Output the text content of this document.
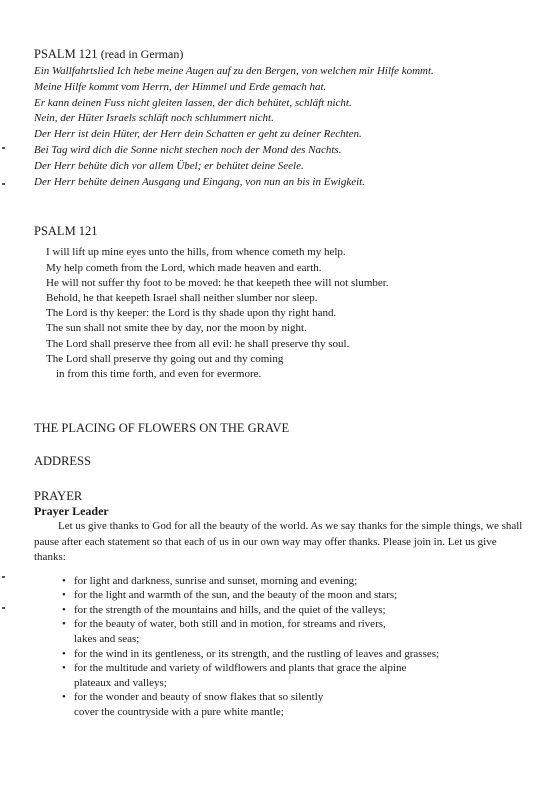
PSALM 121 (read in German)

Ein Wallfahrtslied Ich hebe meine Augen auf zu den Bergen, von welchen mir Hilfe kommt.
Meine Hilfe kommt vom Herrn, der Himmel und Erde gemach hat.
Er kann deinen Fuss nicht gleiten lassen, der dich behütet, schläft nicht.
Nein, der Hüter Israels schläft noch schlummert nicht.
Der Herr ist dein Hüter, der Herr dein Schatten er geht zu deiner Rechten.
Bei Tag wird dich die Sonne nicht stechen noch der Mond des Nachts.
Der Herr behüte dich vor allem Übel; er behütet deine Seele.
Der Herr behüte deinen Ausgang und Eingang, von nun an bis in Ewigkeit.

PSALM 121

I will lift up mine eyes unto the hills, from whence cometh my help.
My help cometh from the Lord, which made heaven and earth.
He will not suffer thy foot to be moved: he that keepeth thee will not slumber.
Behold, he that keepeth Israel shall neither slumber nor sleep.
The Lord is thy keeper: the Lord is thy shade upon thy right hand.
The sun shall not smite thee by day, nor the moon by night.
The Lord shall preserve thee from all evil: he shall preserve thy soul.
The Lord shall preserve thy going out and thy coming
in from this time forth, and even for evermore.

THE PLACING OF FLOWERS ON THE GRAVE

ADDRESS

PRAYER

Prayer Leader

Let us give thanks to God for all the beauty of the world. As we say thanks for the simple things, we shall pause after each statement so that each of us in our own way may offer thanks. Please join in. Let us give thanks:

• for light and darkness, sunrise and sunset, morning and evening;
• for the light and warmth of the sun, and the beauty of the moon and stars;
• for the strength of the mountains and hills, and the quiet of the valleys;
• for the beauty of water, both still and in motion, for streams and rivers,
lakes and seas;
• for the wind in its gentleness, or its strength, and the rustling of leaves and grasses;
• for the multitude and variety of wildflowers and plants that grace the alpine
plateaux and valleys;
• for the wonder and beauty of snow flakes that so silently
cover the countryside with a pure white mantle;
